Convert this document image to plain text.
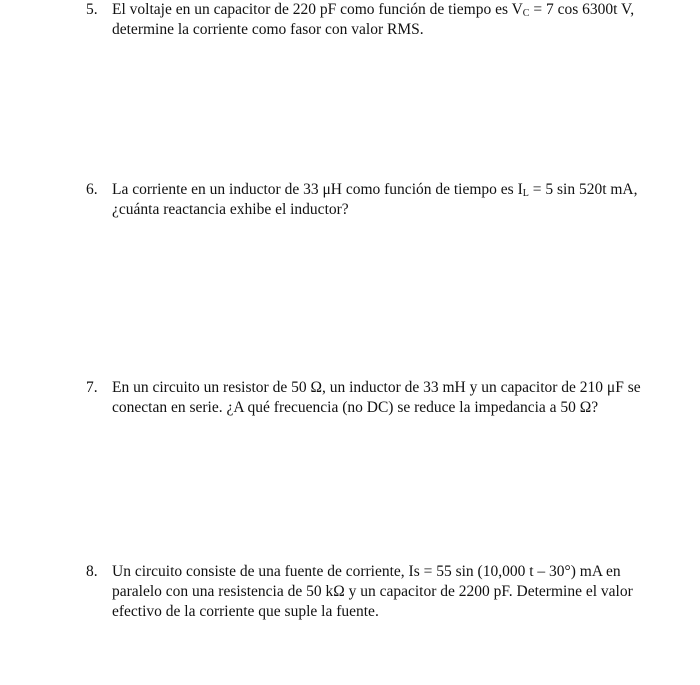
5. El voltaje en un capacitor de 220 pF como función de tiempo es $V_C = 7$ cos 6300t V,
determine la corriente como fasor con valor RMS.
6. La corriente en un inductor de 33 μH como función de tiempo es $I_L = 5$ sin 520t mA,
¿cuánta reactancia exhibe el inductor?
7. En un circuito un resistor de 50 Ω, un inductor de 33 mH y un capacitor de 210 μF se
conectan en serie. ¿A qué frecuencia (no DC) se reduce la impedancia a 50 Ω?
8. Un circuito consiste de una fuente de corriente, Is = 55 sin (10,000 t – 30°) mA en
paralelo con una resistencia de 50 kΩ y un capacitor de 2200 pF. Determine el valor
efectivo de la corriente que suple la fuente.
